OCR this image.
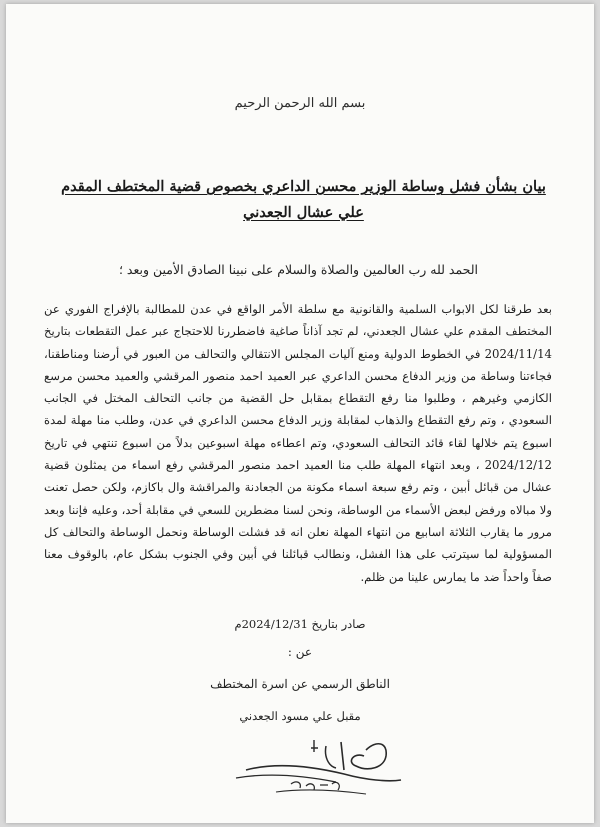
بسم الله الرحمن الرحيم
بيان بشأن فشل وساطة الوزير محسن الداعري بخصوص قضية المختطف المقدم علي عشال الجعدني
الحمد لله رب العالمين والصلاة والسلام على نبينا الصادق الأمين وبعد ؛

بعد طرقنا لكل الابواب السلمية والقانونية مع سلطة الأمر الواقع في عدن للمطالبة بالإفراج الفوري عن المختطف المقدم علي عشال الجعدني، لم تجد آذاناً صاغية فاضطررنا للاحتجاج عبر عمل التقطعات بتاريخ 2024/11/14 في الخطوط الدولية ومنع آليات المجلس الانتقالي والتحالف من العبور في أرضنا ومناطقنا، فجاءتنا وساطة من وزير الدفاع محسن الداعري عبر العميد احمد منصور المرقشي والعميد محسن مرسع الكازمي وغيرهم ، وطلبوا منا رفع التقطاع بمقابل حل القضية من جانب التحالف المختل في الجانب السعودي ، وتم رفع التقطاع والذهاب لمقابلة وزير الدفاع محسن الداعري في عدن، وطلب منا مهلة لمدة اسبوع يتم خلالها لقاء قائد التحالف السعودي، وتم اعطاءه مهلة اسبوعين بدلاً من اسبوع تنتهي في تاريخ 2024/12/12 ، وبعد انتهاء المهلة طلب منا العميد احمد منصور المرقشي رفع اسماء من يمثلون قضية عشال من قبائل أبين ، وتم رفع سبعة اسماء مكونة من الجعادنة والمراقشة وال باكازم، ولكن حصل تعنت ولا مبالاه ورفض لبعض الأسماء من الوساطة، ونحن لسنا مضطرين للسعي في مقابلة أحد، وعليه فإننا وبعد مرور ما يقارب الثلاثة اسابيع من انتهاء المهلة نعلن انه قد فشلت الوساطة ونحمل الوساطة والتحالف كل المسؤولية لما سيترتب على هذا الفشل، ونطالب قبائلنا في أبين وفي الجنوب بشكل عام، بالوقوف معنا صفاً واحداً ضد ما يمارس علينا من ظلم.

صادر بتاريخ 2024/12/31م
عن :
الناطق الرسمي عن اسرة المختطف
مقبل علي مسود الجعدني
